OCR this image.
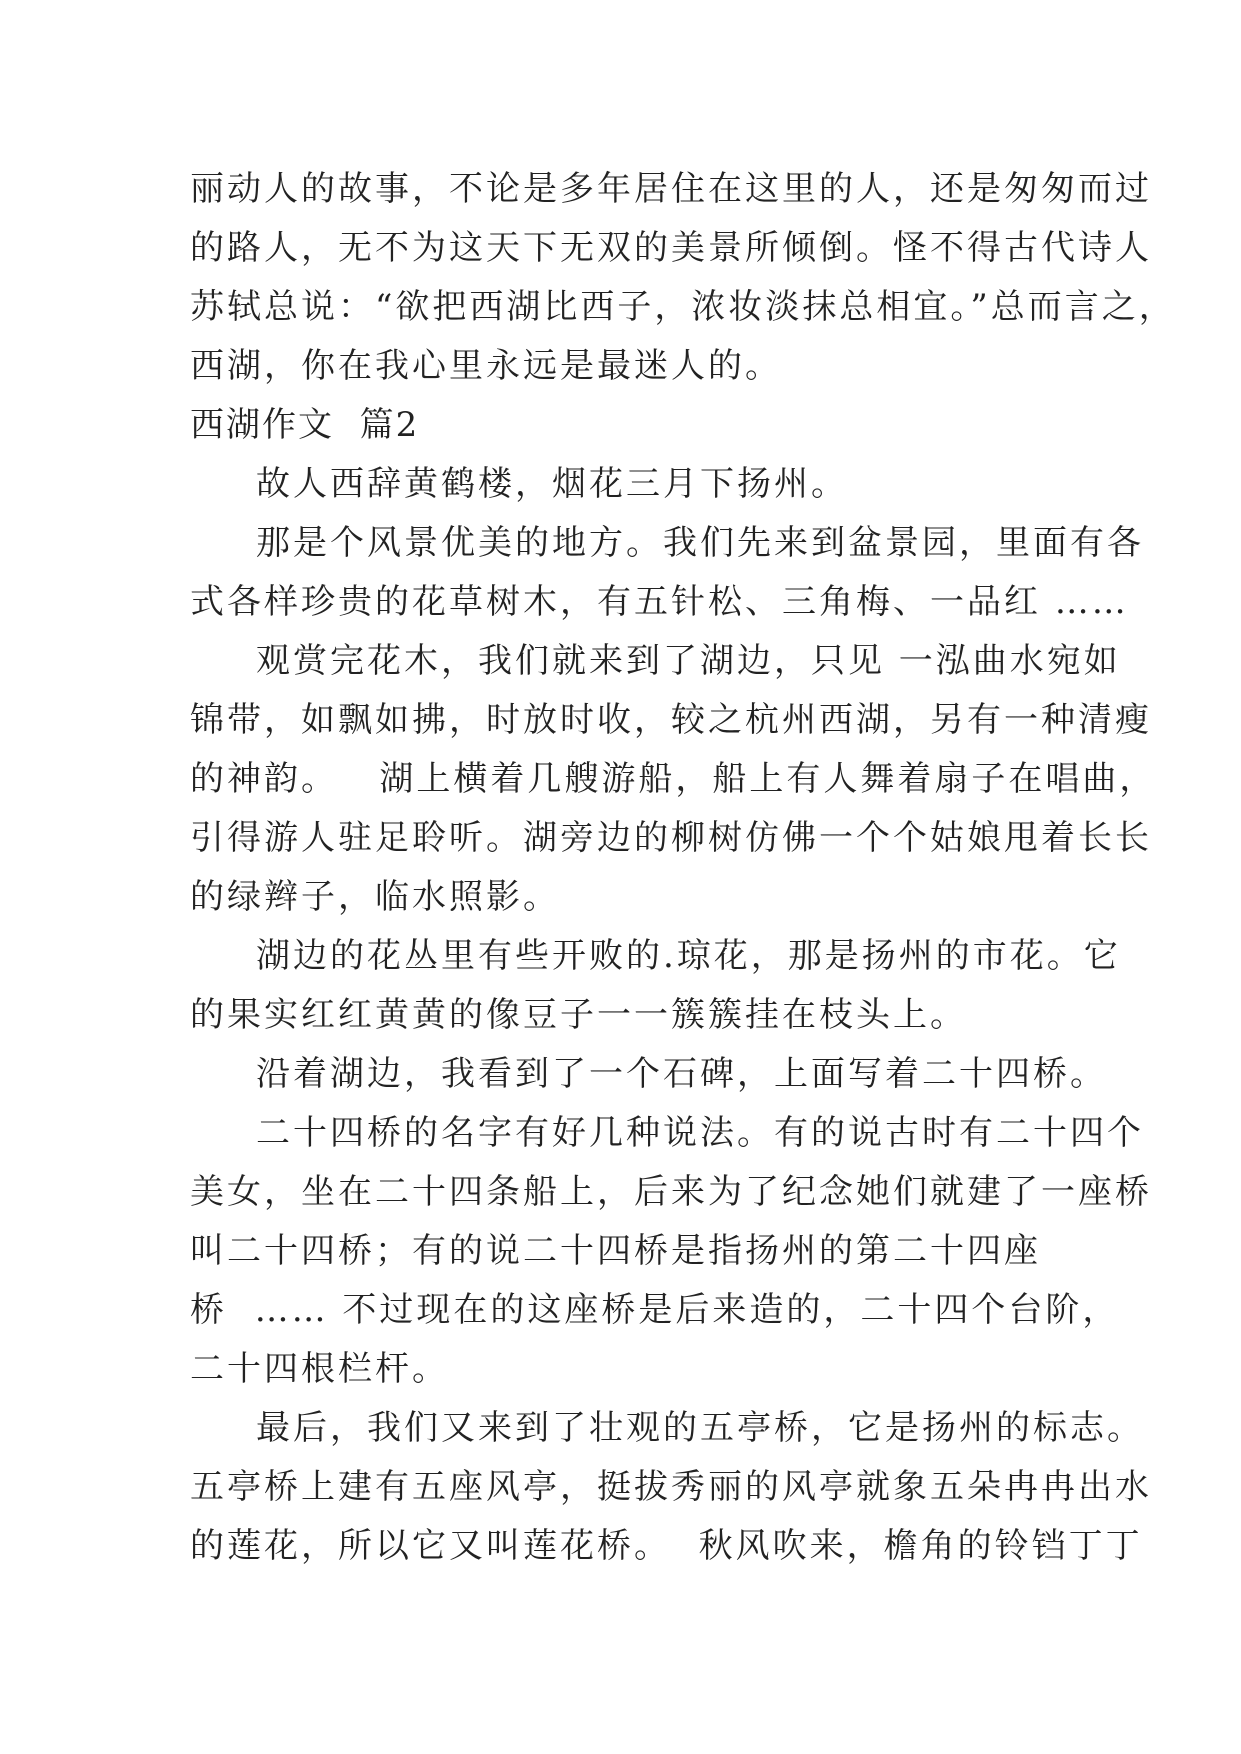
丽动人的故事，不论是多年居住在这里的人，还是匆匆而过
的路人，无不为这天下无双的美景所倾倒。怪不得古代诗人
苏轼总说：“欲把西湖比西子，浓妆淡抹总相宜。”总而言之，
西湖，你在我心里永远是最迷人的。
西湖作文  篇2
故人西辞黄鹤楼，烟花三月下扬州。
那是个风景优美的地方。我们先来到盆景园，里面有各
式各样珍贵的花草树木，有五针松、三角梅、一品红 ……
观赏完花木，我们就来到了湖边，只见 一泓曲水宛如
锦带，如飘如拂，时放时收，较之杭州西湖，另有一种清瘦
的神韵。   湖上横着几艘游船，船上有人舞着扇子在唱曲，
引得游人驻足聆听。湖旁边的柳树仿佛一个个姑娘甩着长长
的绿辫子，临水照影。
湖边的花丛里有些开败的.琼花，那是扬州的市花。它
的果实红红黄黄的像豆子一一簇簇挂在枝头上。
沿着湖边，我看到了一个石碑，上面写着二十四桥。
二十四桥的名字有好几种说法。有的说古时有二十四个
美女，坐在二十四条船上，后来为了纪念她们就建了一座桥
叫二十四桥；有的说二十四桥是指扬州的第二十四座
桥  …… 不过现在的这座桥是后来造的，二十四个台阶，
二十四根栏杆。
最后，我们又来到了壮观的五亭桥，它是扬州的标志。
五亭桥上建有五座风亭，挺拔秀丽的风亭就象五朵冉冉出水
的莲花，所以它又叫莲花桥。  秋风吹来，檐角的铃铛丁丁
